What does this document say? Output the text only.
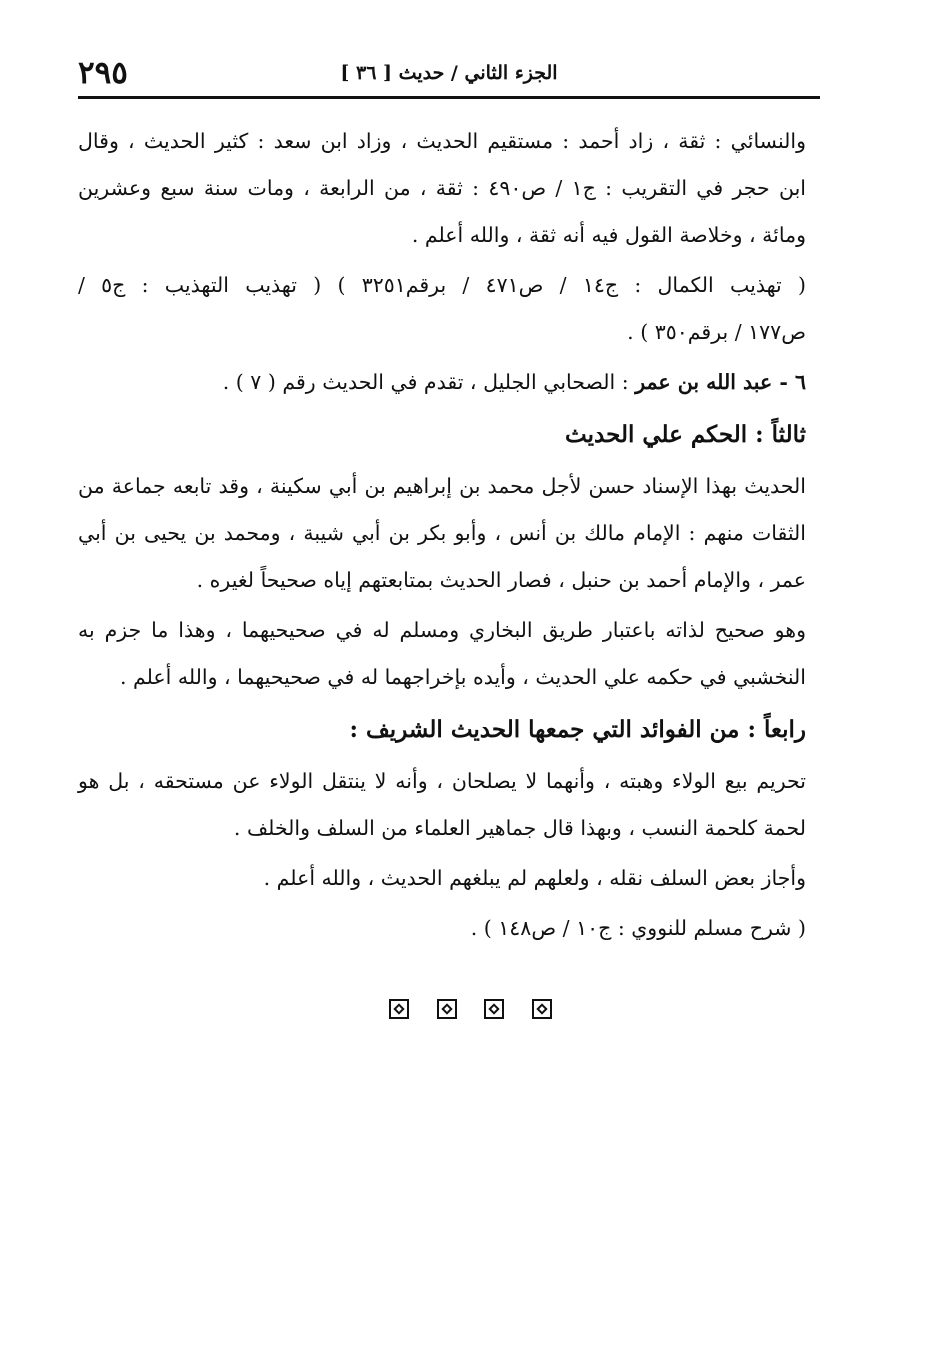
٢٩٥	الجزء الثاني / حديث [ ٣٦ ]
والنسائي : ثقة ، زاد أحمد : مستقيم الحديث ، وزاد ابن سعد : كثير الحديث ، وقال
ابن حجر في التقريب : ج١ / ص٤٩٠ : ثقة ، من الرابعة ، ومات سنة سبع وعشرين
ومائة ، وخلاصة القول فيه أنه ثقة ، والله أعلم .
( تهذيب الكمال : ج١٤ / ص٤٧١ / برقم٣٢٥١ ) ( تهذيب التهذيب : ج٥ /
ص١٧٧ / برقم٣٥٠ ) .
٦ - عبد الله بن عمر : الصحابي الجليل ، تقدم في الحديث رقم ( ٧ ) .
ثالثاً : الحكم علي الحديث
الحديث بهذا الإسناد حسن لأجل محمد بن إبراهيم بن أبي سكينة ، وقد تابعه جماعة من
الثقات منهم : الإمام مالك بن أنس ، وأبو بكر بن أبي شيبة ، ومحمد بن يحيى بن أبي
عمر ، والإمام أحمد بن حنبل ، فصار الحديث بمتابعتهم إياه صحيحاً لغيره .
وهو صحيح لذاته باعتبار طريق البخاري ومسلم له في صحيحيهما ، وهذا ما جزم به
النخشبي في حكمه علي الحديث ، وأيده بإخراجهما له في صحيحيهما ، والله أعلم .
رابعاً : من الفوائد التي جمعها الحديث الشريف :
تحريم بيع الولاء وهبته ، وأنهما لا يصلحان ، وأنه لا ينتقل الولاء عن مستحقه ، بل هو
لحمة كلحمة النسب ، وبهذا قال جماهير العلماء من السلف والخلف .
وأجاز بعض السلف نقله ، ولعلهم لم يبلغهم الحديث ، والله أعلم .
( شرح مسلم للنووي : ج١٠ / ص١٤٨ ) .
